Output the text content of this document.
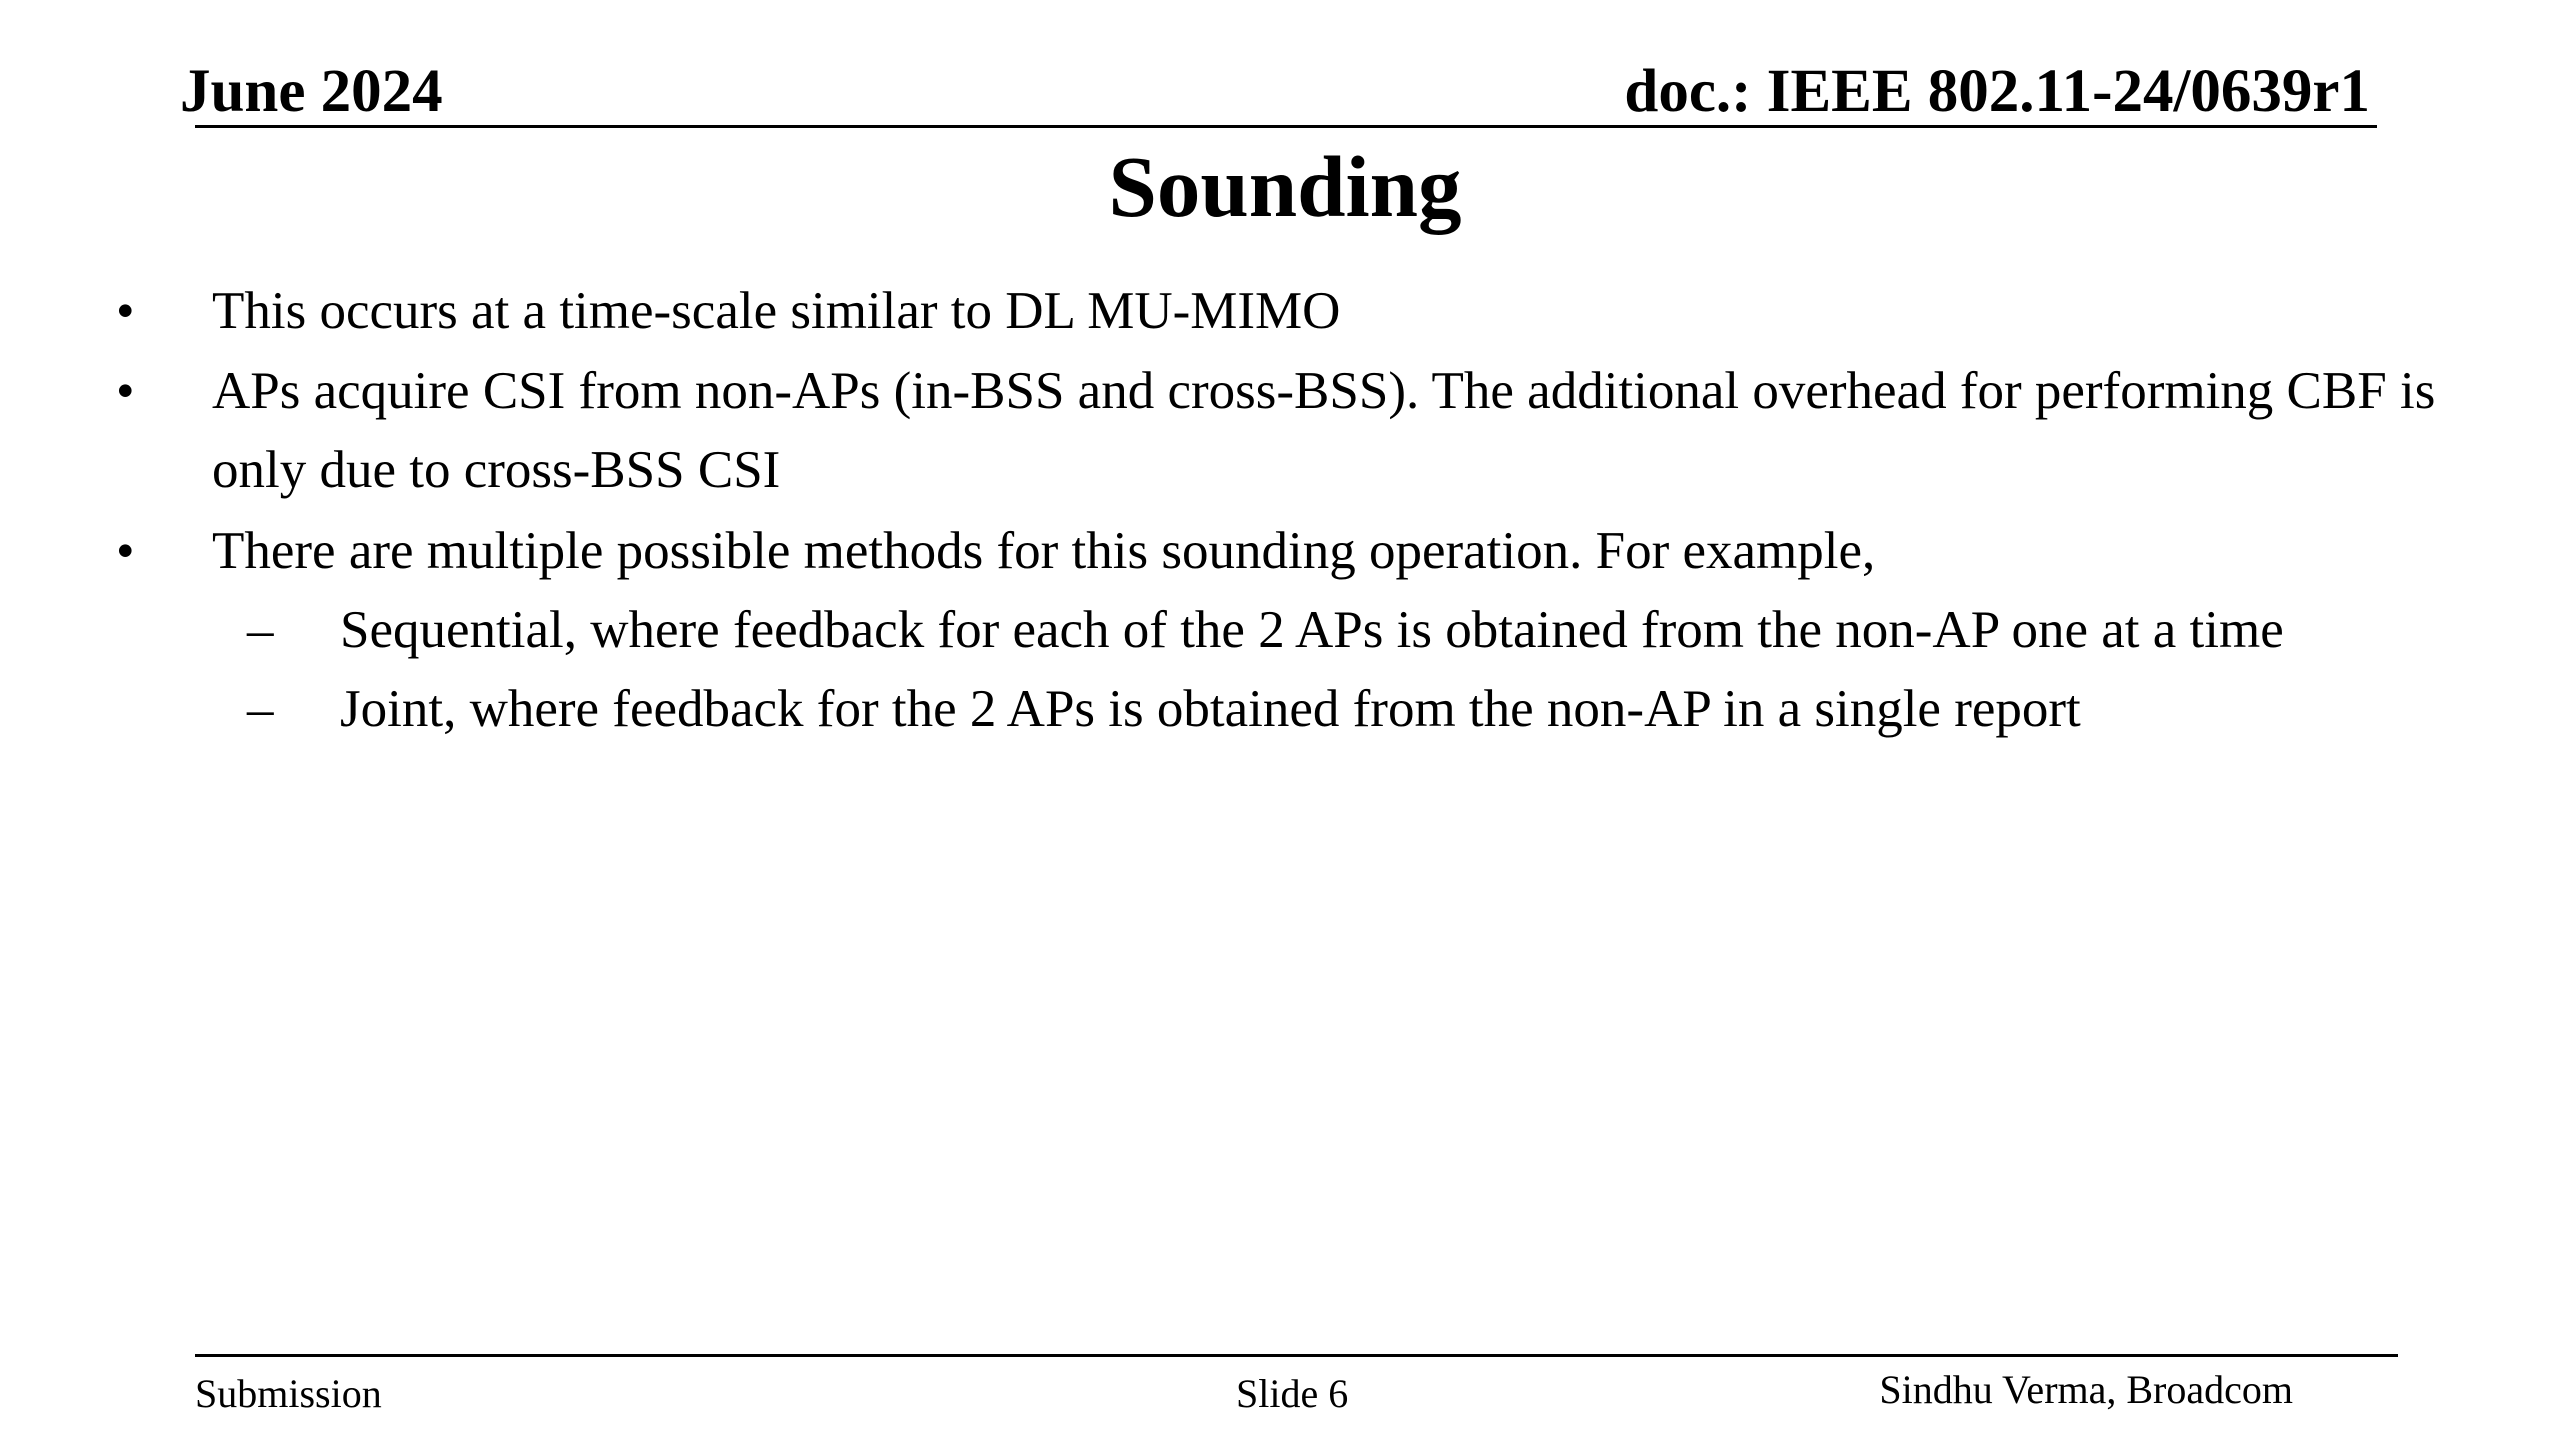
June 2024	doc.: IEEE 802.11-24/0639r1
Sounding
•	This occurs at a time-scale similar to DL MU-MIMO
•	APs acquire CSI from non-APs (in-BSS and cross-BSS). The additional overhead for performing CBF is only due to cross-BSS CSI
•	There are multiple possible methods for this sounding operation. For example,
–	Sequential, where feedback for each of the 2 APs is obtained from the non-AP one at a time
–	Joint, where feedback for the 2 APs is obtained from the non-AP in a single report
Submission	Slide 6	Sindhu Verma, Broadcom
